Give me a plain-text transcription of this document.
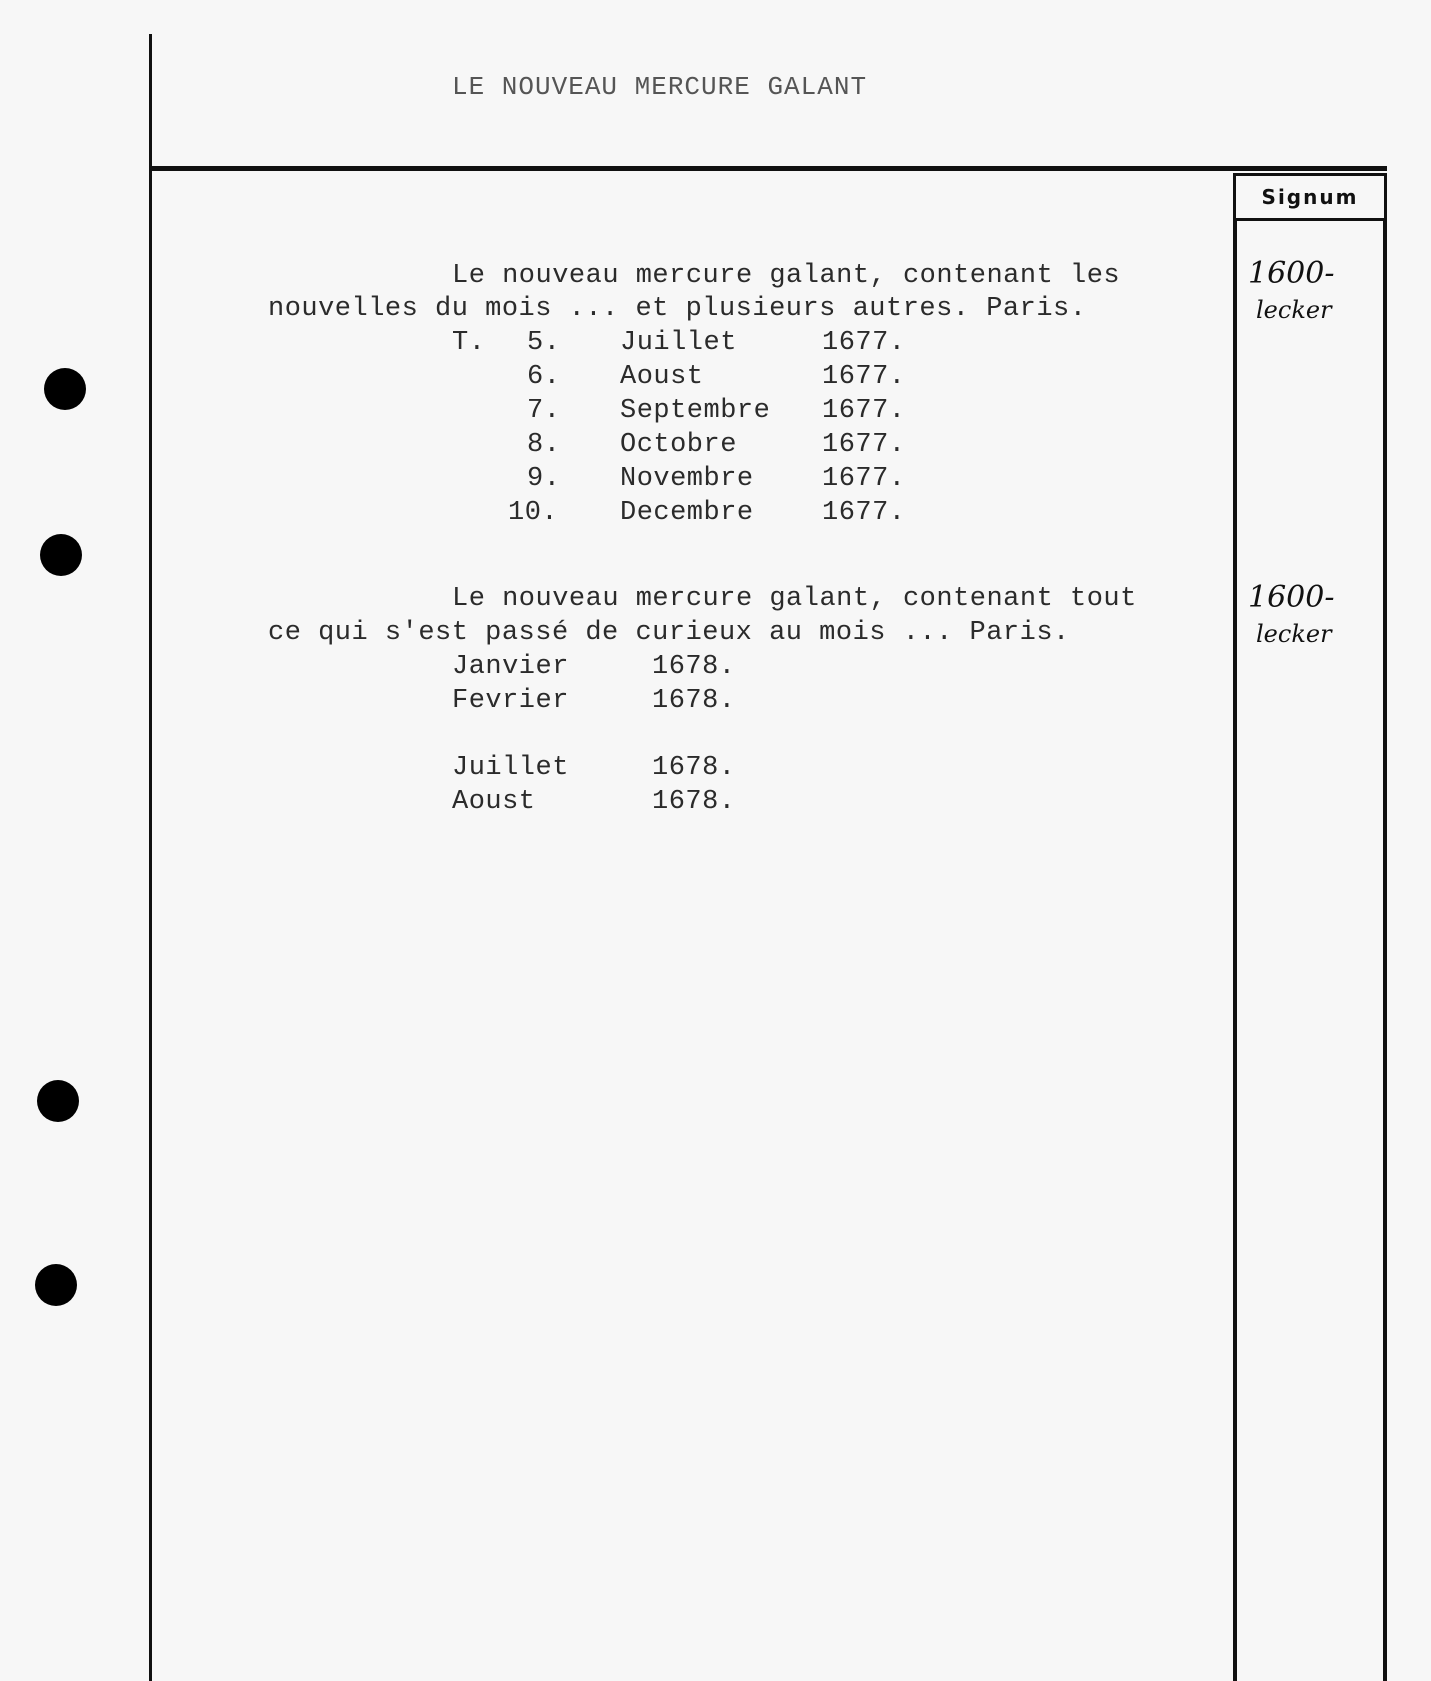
Signum
LE NOUVEAU MERCURE GALANT
Le nouveau mercure galant, contenant les
nouvelles du mois ... et plusieurs autres. Paris.
T. 5. Juillet	1677.
6. Aoust	1677.
7. Septembre 1677.
8. Octobre	1677.
9. Novembre	1677.
10. Decembre	1677.
1600-
lecker
Le nouveau mercure galant, contenant tout
ce qui s'est passé de curieux au mois ... Paris.
Janvier	1678.
Fevrier	1678.
Juillet	1678.
Aoust	1678.
1600-
lecker
